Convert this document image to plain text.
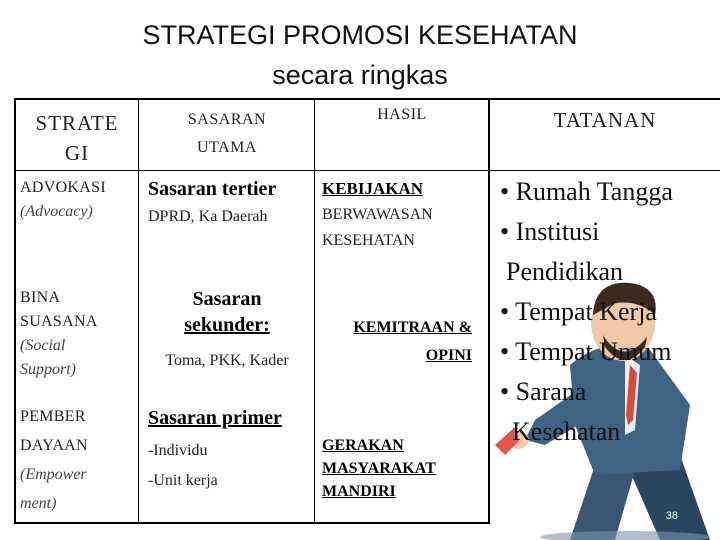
STRATEGI PROMOSI KESEHATAN
secara ringkas
STRATE
GI
SASARAN
UTAMA
HASIL	TATANAN
ADVOKASI
(Advocacy)
Sasaran tertier
DPRD, Ka Daerah
KEBIJAKAN
BERWAWASAN
KESEHATAN
BINA
SUASANA
(Social
Support)
Sasaran
sekunder:
Toma, PKK, Kader
KEMITRAAN &
OPINI
PEMBER
DAYAAN
(Empower
ment)
Sasaran primer
-Individu
-Unit kerja
GERAKAN
MASYARAKAT
MANDIRI
• Rumah Tangga
• Institusi
Pendidikan
• Tempat Kerja
• Tempat Umum
• Sarana
Kesehatan
38
